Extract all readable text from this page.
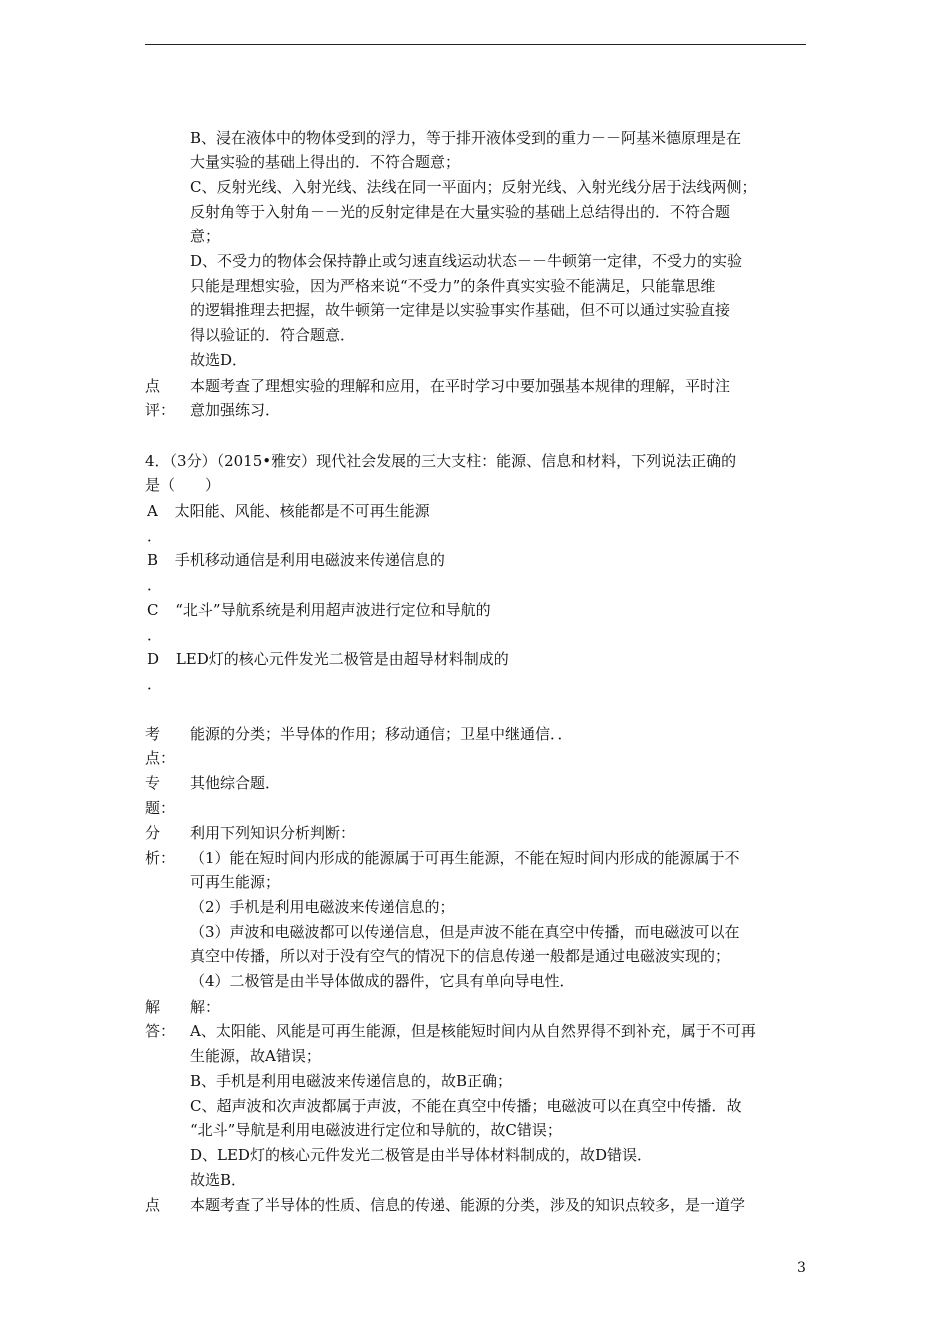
B、浸在液体中的物体受到的浮力，等于排开液体受到的重力－－阿基米德原理是在
大量实验的基础上得出的．不符合题意；
C、反射光线、入射光线、法线在同一平面内；反射光线、入射光线分居于法线两侧；
反射角等于入射角－－光的反射定律是在大量实验的基础上总结得出的．不符合题
意；
D、不受力的物体会保持静止或匀速直线运动状态－－牛顿第一定律，不受力的实验
只能是理想实验，因为严格来说“不受力”的条件真实实验不能满足，只能靠思维
的逻辑推理去把握，故牛顿第一定律是以实验事实作基础，但不可以通过实验直接
得以验证的．符合题意．
故选D．
点
评：
本题考查了理想实验的理解和应用，在平时学习中要加强基本规律的理解，平时注
意加强练习．
4．（3分）（2015•雅安）现代社会发展的三大支柱：能源、信息和材料，下列说法正确的
是（　　）
A 太阳能、风能、核能都是不可再生能源
．
B 手机移动通信是利用电磁波来传递信息的
．
C “北斗”导航系统是利用超声波进行定位和导航的
．
D LED灯的核心元件发光二极管是由超导材料制成的
．
考
点：
能源的分类；半导体的作用；移动通信；卫星中继通信．．
专
题：
其他综合题．
分
析：
利用下列知识分析判断：
（1）能在短时间内形成的能源属于可再生能源，不能在短时间内形成的能源属于不
可再生能源；
（2）手机是利用电磁波来传递信息的；
（3）声波和电磁波都可以传递信息，但是声波不能在真空中传播，而电磁波可以在
真空中传播，所以对于没有空气的情况下的信息传递一般都是通过电磁波实现的；
（4）二极管是由半导体做成的器件，它具有单向导电性．
解
答：
解：
A、太阳能、风能是可再生能源，但是核能短时间内从自然界得不到补充，属于不可再
生能源，故A错误；
B、手机是利用电磁波来传递信息的，故B正确；
C、超声波和次声波都属于声波，不能在真空中传播；电磁波可以在真空中传播．故
“北斗”导航是利用电磁波进行定位和导航的，故C错误；
D、LED灯的核心元件发光二极管是由半导体材料制成的，故D错误．
故选B．
点 本题考查了半导体的性质、信息的传递、能源的分类，涉及的知识点较多，是一道学
3
